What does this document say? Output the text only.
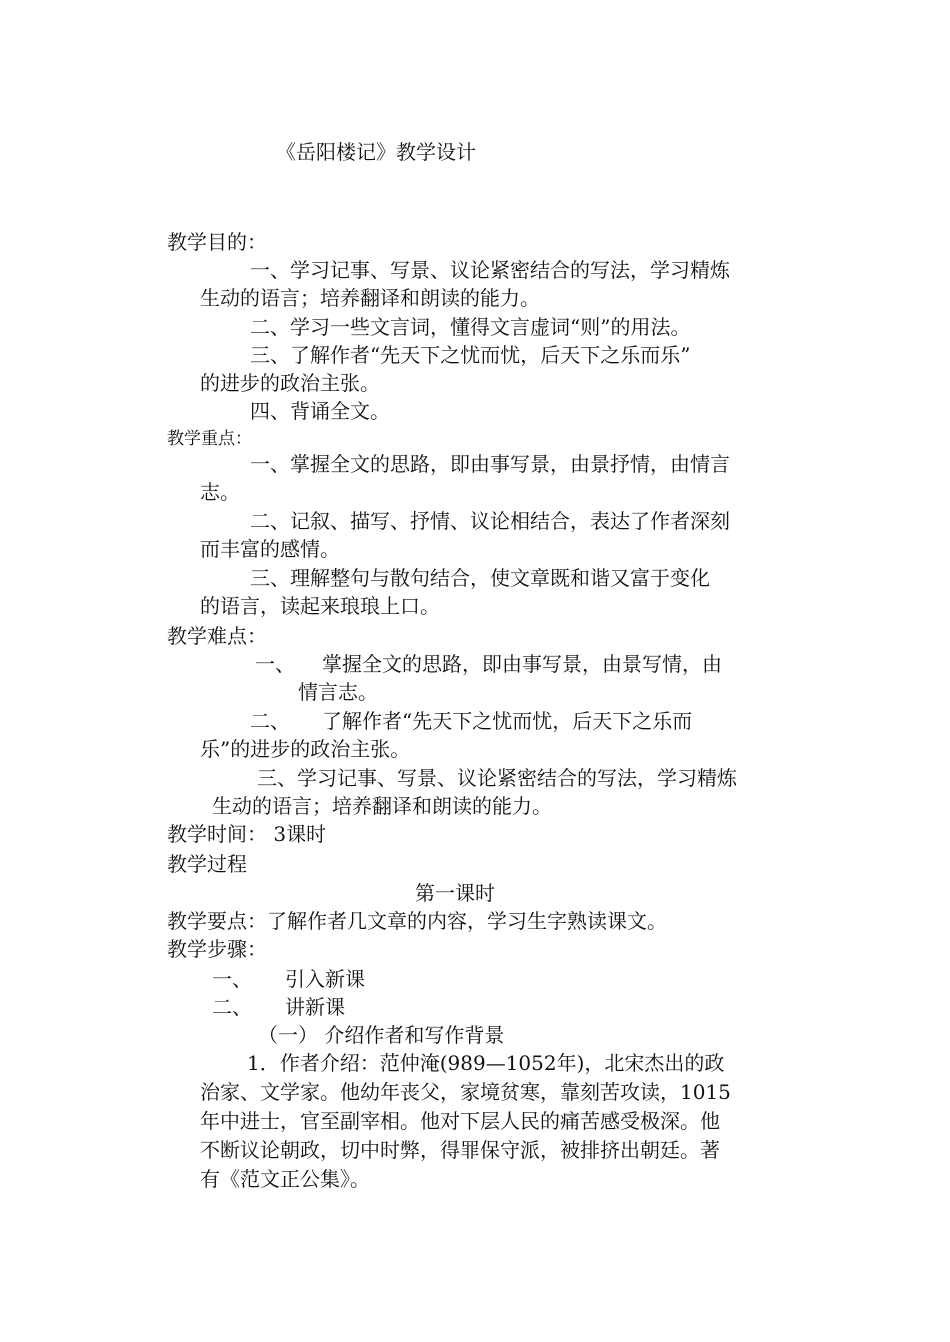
《岳阳楼记》教学设计
教学目的：
一、学习记事、写景、议论紧密结合的写法，学习精炼
生动的语言；培养翻译和朗读的能力。
二、学习一些文言词，懂得文言虚词“则”的用法。
三、了解作者“先天下之忧而忧，后天下之乐而乐”
的进步的政治主张。
四、背诵全文。
教学重点：
一、掌握全文的思路，即由事写景，由景抒情，由情言
志。
二、记叙、描写、抒情、议论相结合，表达了作者深刻
而丰富的感情。
三、理解整句与散句结合，使文章既和谐又富于变化
的语言，读起来琅琅上口。
教学难点：
一、 掌握全文的思路，即由事写景，由景写情，由
情言志。
二、 了解作者“先天下之忧而忧，后天下之乐而
乐”的进步的政治主张。
三、学习记事、写景、议论紧密结合的写法，学习精炼
生动的语言；培养翻译和朗读的能力。
教学时间： 3课时
教学过程
第一课时
教学要点：了解作者几文章的内容，学习生字熟读课文。
教学步骤：
一、 引入新课
二、 讲新课
（一） 介绍作者和写作背景
1．作者介绍：范仲淹(989—1052年)，北宋杰出的政
治家、文学家。他幼年丧父，家境贫寒，靠刻苦攻读，1015
年中进士，官至副宰相。他对下层人民的痛苦感受极深。他
不断议论朝政，切中时弊，得罪保守派，被排挤出朝廷。著
有《范文正公集》。
